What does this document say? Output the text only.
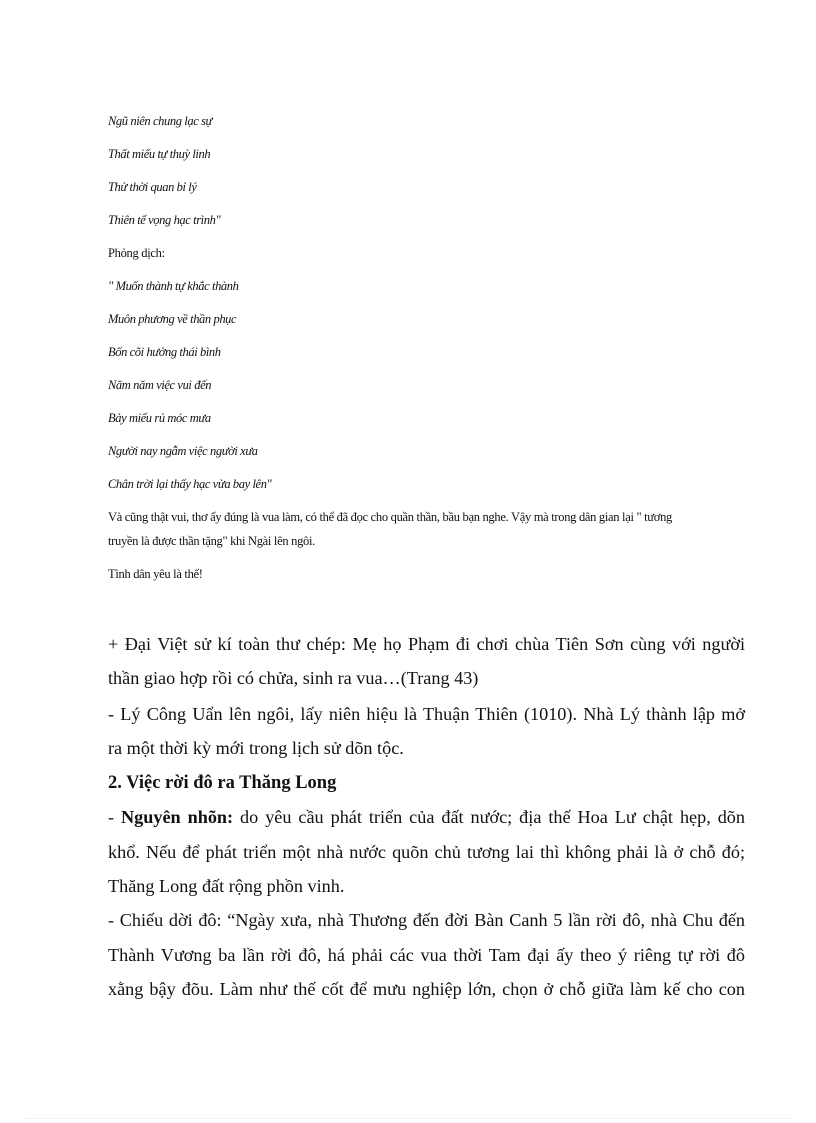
Ngũ niên chung lạc sự
Thất miếu tự thuỳ linh
Thử thời quan bỉ lý
Thiên tế vọng hạc trình"
Phỏng dịch:
" Muốn thành tự khắc thành
Muôn phương về thần phục
Bốn cõi hưởng thái bình
Năm năm việc vui đến
Bảy miếu rủ móc mưa
Người nay ngẫm việc người xưa
Chân trời lại thấy hạc vừa bay lên"
Và cũng thật vui, thơ ấy đúng là vua làm, có thể đã đọc cho quần thần, bầu bạn nghe. Vậy mà trong dân gian lại " tương
truyền là được thần tặng" khi Ngài lên ngôi.
Tình dân yêu là thế!
+ Đại Việt sử kí toàn thư chép: Mẹ họ Phạm đi chơi chùa Tiên Sơn cùng với người
thần giao hợp rồi có chửa, sinh ra vua…(Trang 43)
- Lý Công Uẩn lên ngôi, lấy niên hiệu là Thuận Thiên (1010). Nhà Lý thành lập mở
ra một thời kỳ mới trong lịch sử dõn tộc.
2. Việc rời đô ra Thăng Long
- Nguyên nhõn: do yêu cầu phát triển của đất nước; địa thế Hoa Lư chật hẹp, dõn
khổ. Nếu để phát triển một nhà nước quõn chủ tương lai thì không phải là ở chỗ đó;
Thăng Long đất rộng phồn vinh.
- Chiếu dời đô: “Ngày xưa, nhà Thương đến đời Bàn Canh 5 lần rời đô, nhà Chu đến
Thành Vương ba lần rời đô, há phải các vua thời Tam đại ấy theo ý riêng tự rời đô
xằng bậy đõu. Làm như thế cốt để mưu nghiệp lớn, chọn ở chỗ giữa làm kế cho con
